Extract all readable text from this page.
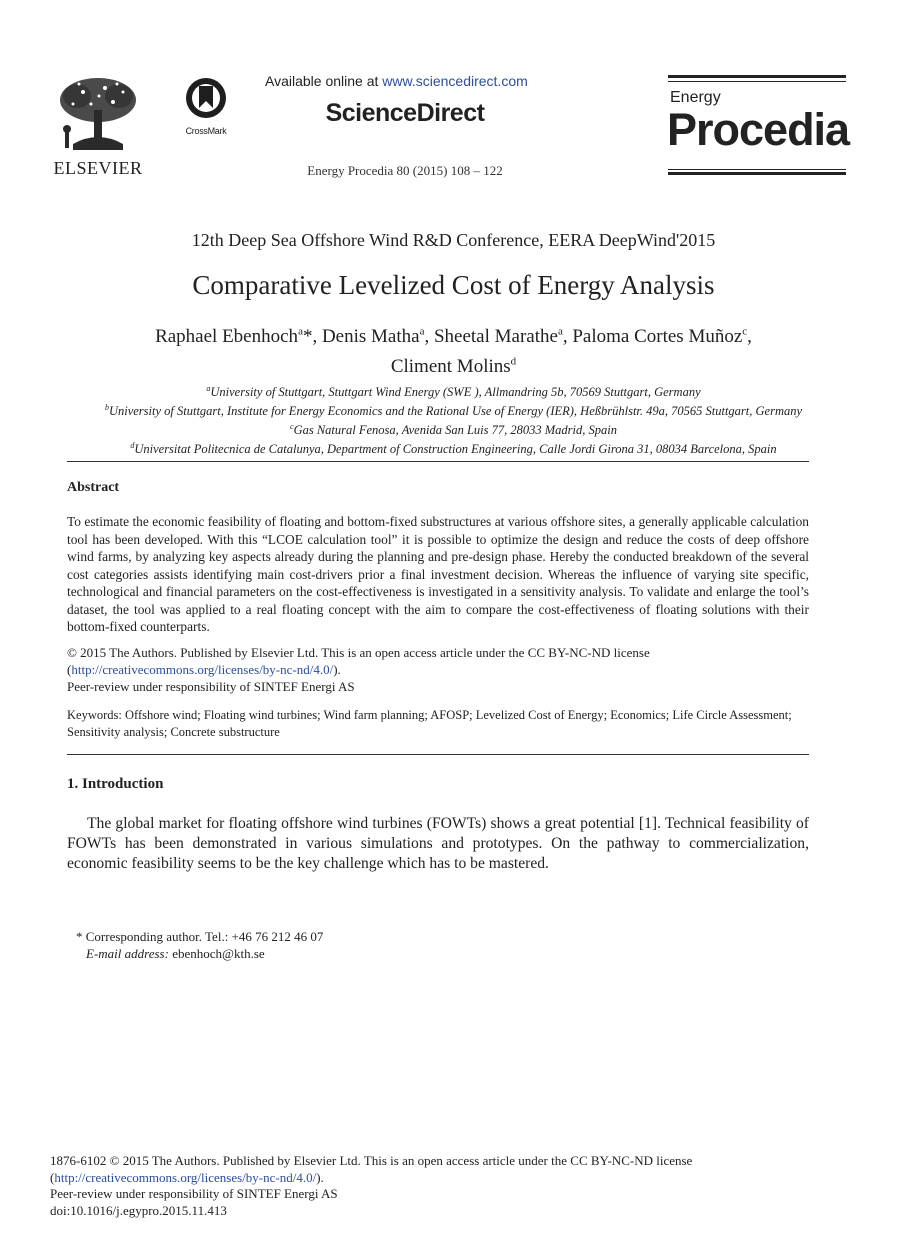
ELSEVIER
CrossMark
Available online at www.sciencedirect.com
ScienceDirect
Energy Procedia 80 (2015) 108 – 122
Energy
Procedia
12th Deep Sea Offshore Wind R&D Conference, EERA DeepWind'2015
Comparative Levelized Cost of Energy Analysis
Raphael Ebenhoch$^a$*, Denis Matha$^a$, Sheetal Marathe$^a$, Paloma Cortes Muñoz$^c$,
Climent Molins$^d$
$^a$University of Stuttgart, Stuttgart Wind Energy (SWE ), Allmandring 5b, 70569 Stuttgart, Germany
$^b$University of Stuttgart, Institute for Energy Economics and the Rational Use of Energy (IER), Heßbrühlstr. 49a, 70565 Stuttgart, Germany
$^c$Gas Natural Fenosa, Avenida San Luis 77, 28033 Madrid, Spain
$^d$Universitat Politecnica de Catalunya, Department of Construction Engineering, Calle Jordi Girona 31, 08034 Barcelona, Spain
Abstract
To estimate the economic feasibility of floating and bottom-fixed substructures at various offshore sites, a generally applicable calculation tool has been developed. With this “LCOE calculation tool” it is possible to optimize the design and reduce the costs of deep offshore wind farms, by analyzing key aspects already during the planning and pre-design phase. Hereby the conducted breakdown of the several cost categories assists identifying main cost-drivers prior a final investment decision. Whereas the influence of varying site specific, technological and financial parameters on the cost-effectiveness is investigated in a sensitivity analysis. To validate and enlarge the tool’s dataset, the tool was applied to a real floating concept with the aim to compare the cost-effectiveness of floating solutions with their bottom-fixed counterparts.
© 2015 The Authors. Published by Elsevier Ltd. This is an open access article under the CC BY-NC-ND license
(http://creativecommons.org/licenses/by-nc-nd/4.0/).
Peer-review under responsibility of SINTEF Energi AS
Keywords: Offshore wind; Floating wind turbines; Wind farm planning; AFOSP; Levelized Cost of Energy; Economics; Life Circle Assessment; Sensitivity analysis; Concrete substructure
1. Introduction
The global market for floating offshore wind turbines (FOWTs) shows a great potential [1]. Technical feasibility of FOWTs has been demonstrated in various simulations and prototypes. On the pathway to commercialization, economic feasibility seems to be the key challenge which has to be mastered.
* Corresponding author. Tel.: +46 76 212 46 07
E-mail address: ebenhoch@kth.se
1876-6102 © 2015 The Authors. Published by Elsevier Ltd. This is an open access article under the CC BY-NC-ND license
(http://creativecommons.org/licenses/by-nc-nd/4.0/).
Peer-review under responsibility of SINTEF Energi AS
doi:10.1016/j.egypro.2015.11.413
